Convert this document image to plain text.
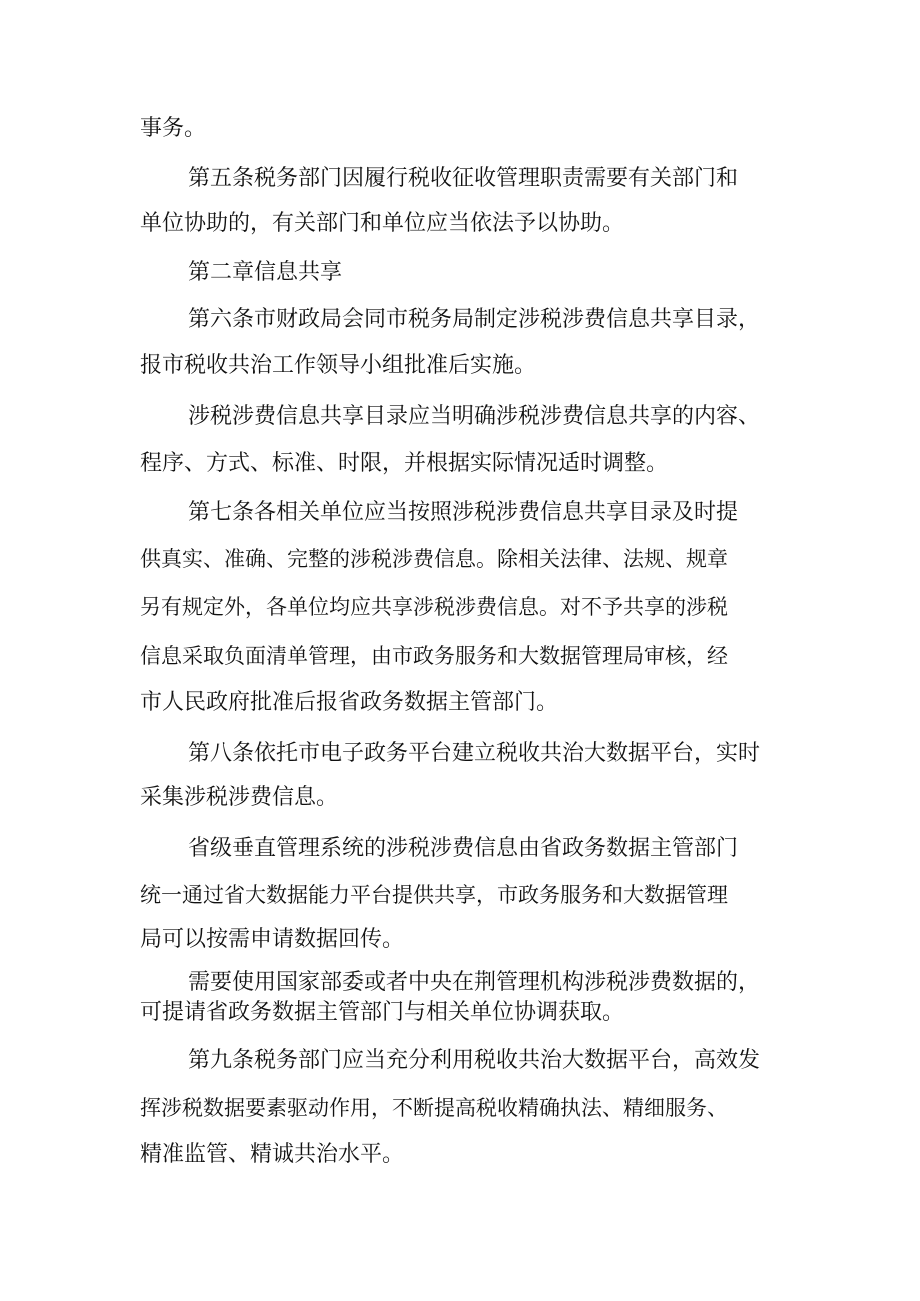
事务。
第五条税务部门因履行税收征收管理职责需要有关部门和
单位协助的，有关部门和单位应当依法予以协助。
第二章信息共享
第六条市财政局会同市税务局制定涉税涉费信息共享目录，
报市税收共治工作领导小组批准后实施。
涉税涉费信息共享目录应当明确涉税涉费信息共享的内容、
程序、方式、标准、时限，并根据实际情况适时调整。
第七条各相关单位应当按照涉税涉费信息共享目录及时提
供真实、准确、完整的涉税涉费信息。除相关法律、法规、规章
另有规定外，各单位均应共享涉税涉费信息。对不予共享的涉税
信息采取负面清单管理，由市政务服务和大数据管理局审核，经
市人民政府批准后报省政务数据主管部门。
第八条依托市电子政务平台建立税收共治大数据平台，实时
采集涉税涉费信息。
省级垂直管理系统的涉税涉费信息由省政务数据主管部门
统一通过省大数据能力平台提供共享，市政务服务和大数据管理
局可以按需申请数据回传。
需要使用国家部委或者中央在荆管理机构涉税涉费数据的，
可提请省政务数据主管部门与相关单位协调获取。
第九条税务部门应当充分利用税收共治大数据平台，高效发
挥涉税数据要素驱动作用，不断提高税收精确执法、精细服务、
精准监管、精诚共治水平。
